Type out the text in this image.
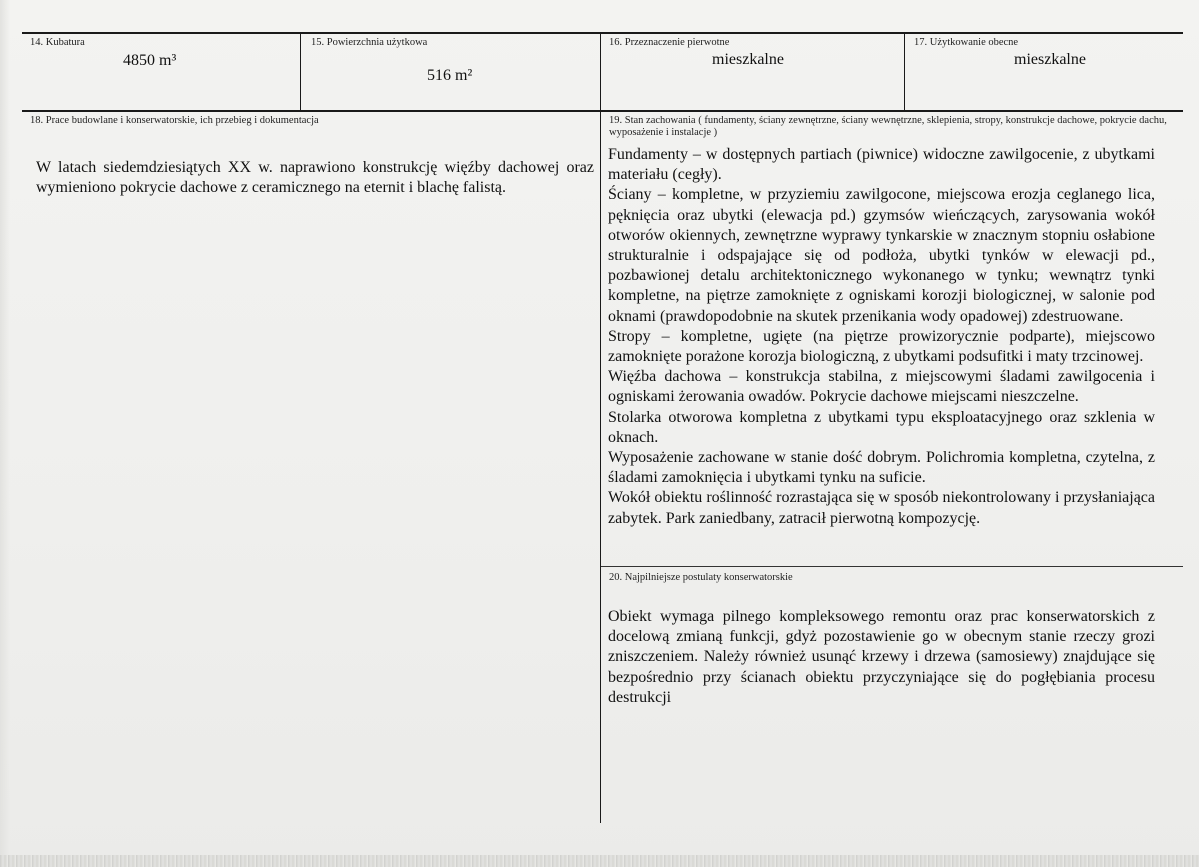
14. Kubatura
4850 m³
15. Powierzchnia użytkowa
516 m²
16. Przeznaczenie pierwotne
mieszkalne
17. Użytkowanie obecne
mieszkalne
18. Prace budowlane i konserwatorskie, ich przebieg i dokumentacja

W latach siedemdziesiątych XX w. naprawiono konstrukcję więźby dachowej oraz wymieniono pokrycie dachowe z ceramicznego na eternit i blachę falistą.

19. Stan zachowania ( fundamenty, ściany zewnętrzne, ściany wewnętrzne, sklepienia, stropy, konstrukcje dachowe, pokrycie dachu, wyposażenie i instalacje )

Fundamenty – w dostępnych partiach (piwnice) widoczne zawilgocenie, z ubytkami materiału (cegły).

Ściany – kompletne, w przyziemiu zawilgocone, miejscowa erozja ceglanego lica, pęknięcia oraz ubytki (elewacja pd.) gzymsów wieńczących, zarysowania wokół otworów okiennych, zewnętrzne wyprawy tynkarskie w znacznym stopniu osłabione strukturalnie i odspajające się od podłoża, ubytki tynków w elewacji pd., pozbawionej detalu architektonicznego wykonanego w tynku; wewnątrz tynki kompletne, na piętrze zamoknięte z ogniskami korozji biologicznej, w salonie pod oknami (prawdopodobnie na skutek przenikania wody opadowej) zdestruowane.

Stropy – kompletne, ugięte (na piętrze prowizorycznie podparte), miejscowo zamoknięte porażone korozja biologiczną, z ubytkami podsufitki i maty trzcinowej.

Więźba dachowa – konstrukcja stabilna, z miejscowymi śladami zawilgocenia i ogniskami żerowania owadów. Pokrycie dachowe miejscami nieszczelne.

Stolarka otworowa kompletna z ubytkami typu eksploatacyjnego oraz szklenia w oknach.

Wyposażenie zachowane w stanie dość dobrym. Polichromia kompletna, czytelna, z śladami zamoknięcia i ubytkami tynku na suficie.

Wokół obiektu roślinność rozrastająca się w sposób niekontrolowany i przysłaniająca zabytek. Park zaniedbany, zatracił pierwotną kompozycję.

20. Najpilniejsze postulaty konserwatorskie

Obiekt wymaga pilnego kompleksowego remontu oraz prac konserwatorskich z docelową zmianą funkcji, gdyż pozostawienie go w obecnym stanie rzeczy grozi zniszczeniem. Należy również usunąć krzewy i drzewa (samosiewy) znajdujące się bezpośrednio przy ścianach obiektu przyczyniające się do pogłębiania procesu destrukcji
